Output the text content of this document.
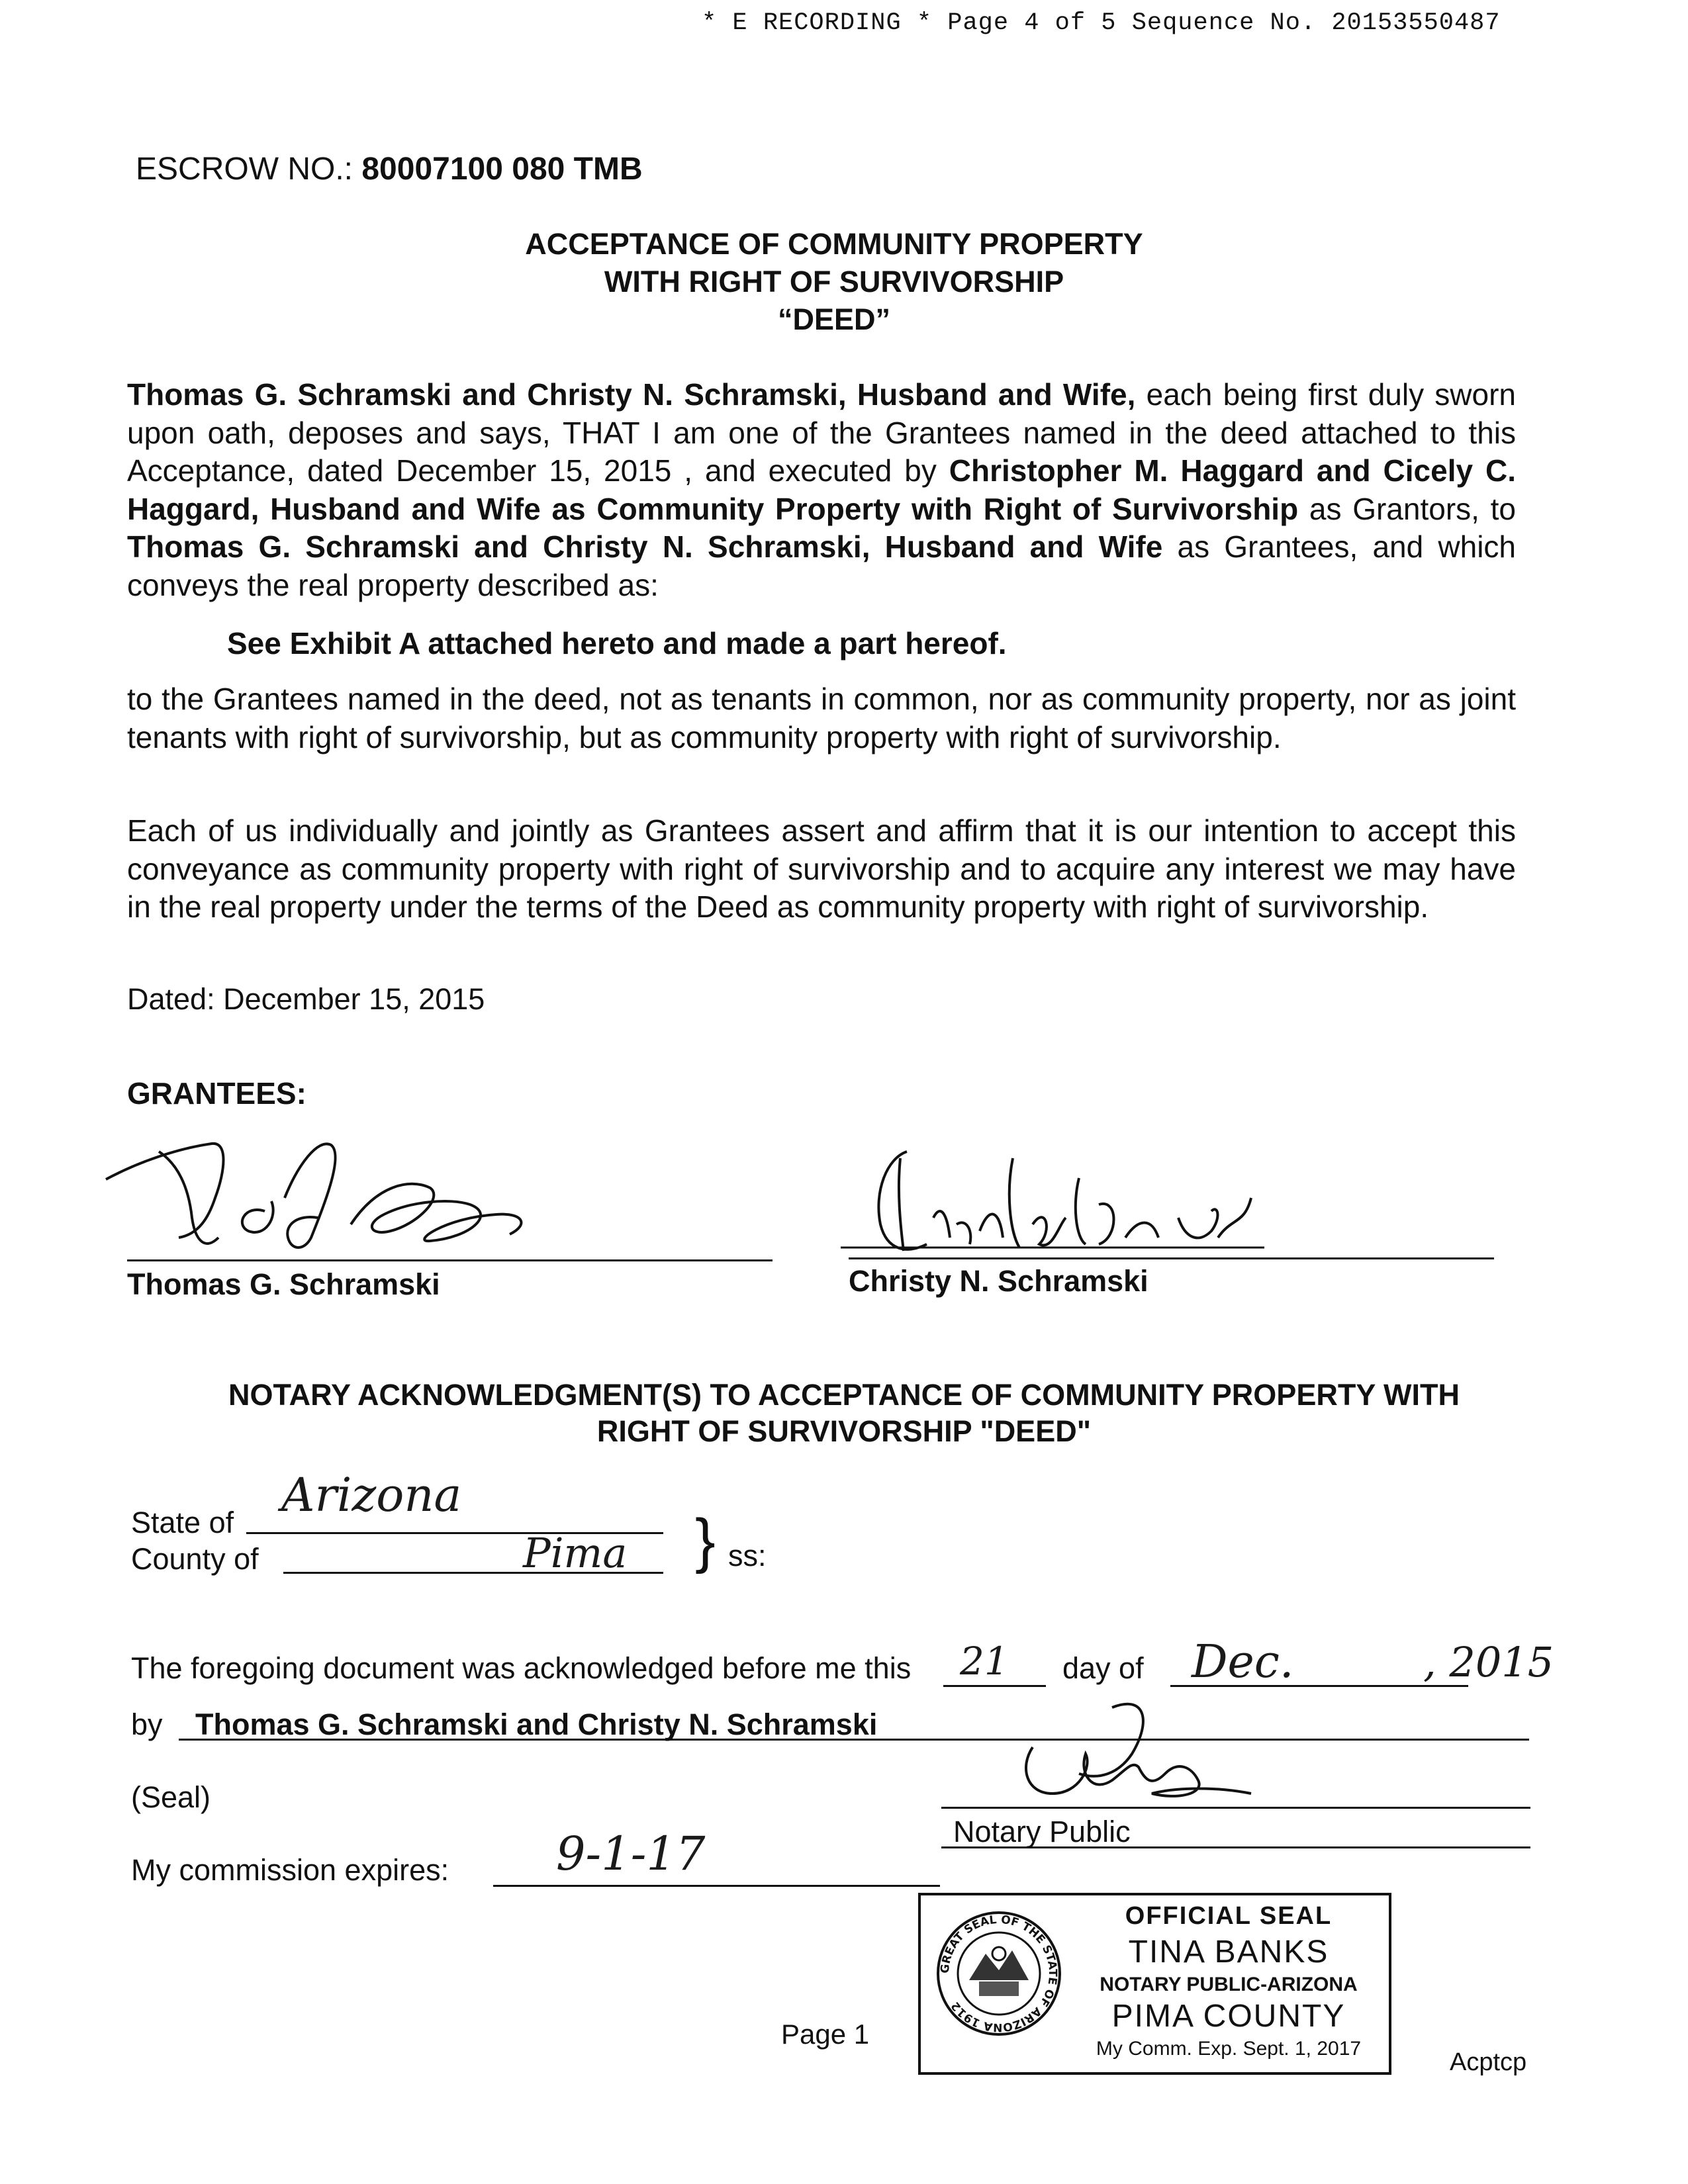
* E RECORDING * Page 4 of 5 Sequence No. 20153550487
ESCROW NO.: 80007100 080 TMB
ACCEPTANCE OF COMMUNITY PROPERTY
WITH RIGHT OF SURVIVORSHIP
“DEED”
Thomas G. Schramski and Christy N. Schramski, Husband and Wife, each being first duly sworn upon oath, deposes and says, THAT I am one of the Grantees named in the deed attached to this Acceptance, dated December 15, 2015 , and executed by Christopher M. Haggard and Cicely C. Haggard, Husband and Wife as Community Property with Right of Survivorship as Grantors, to Thomas G. Schramski and Christy N. Schramski, Husband and Wife as Grantees, and which conveys the real property described as:
See Exhibit A attached hereto and made a part hereof.
to the Grantees named in the deed, not as tenants in common, nor as community property, nor as joint tenants with right of survivorship, but as community property with right of survivorship.
Each of us individually and jointly as Grantees assert and affirm that it is our intention to accept this conveyance as community property with right of survivorship and to acquire any interest we may have in the real property under the terms of the Deed as community property with right of survivorship.
Dated: December 15, 2015
GRANTEES:
Thomas G. Schramski	Christy N. Schramski
NOTARY ACKNOWLEDGMENT(S) TO ACCEPTANCE OF COMMUNITY PROPERTY WITH
RIGHT OF SURVIVORSHIP "DEED"
State of
Arizona
County of	Pima } ss:
The foregoing document was acknowledged before me this 21 day of Dec.	, 2015
by Thomas G. Schramski and Christy N. Schramski
(Seal)
Notary Public
My commission expires: 9-1-17
GREAT SEAL OF THE STATE OF ARIZONA 1912
OFFICIAL SEAL
TINA BANKS
NOTARY PUBLIC-ARIZONA
PIMA COUNTY
My Comm. Exp. Sept. 1, 2017
Page 1
Acptcp
